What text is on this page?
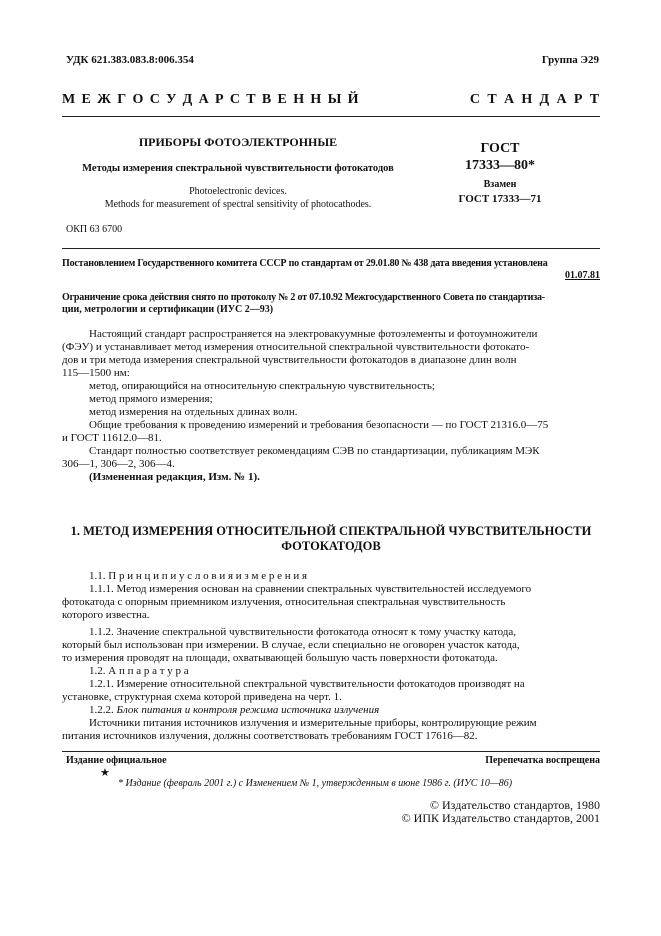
УДК 621.383.083.8:006.354	Группа Э29
М Е Ж Г О С У Д А Р С Т В Е Н Н Ы Й	С Т А Н Д А Р Т
ПРИБОРЫ ФОТОЭЛЕКТРОННЫЕ
Методы измерения спектральной чувствительности фотокатодов
Photoelectronic devices.
Methods for measurement of spectral sensitivity of photocathodes.
ОКП 63 6700
ГОСТ
17333—80*
Взамен
ГОСТ 17333—71
Постановлением Государственного комитета СССР по стандартам от 29.01.80 № 438 дата введения установлена
01.07.81
Ограничение срока действия снято по протоколу № 2 от 07.10.92 Межгосударственного Совета по стандартиза-
ции, метрологии и сертификации (ИУС 2—93)
Настоящий стандарт распространяется на электровакуумные фотоэлементы и фотоумножители
(ФЭУ) и устанавливает метод измерения относительной спектральной чувствительности фотокато-
дов и три метода измерения спектральной чувствительности фотокатодов в диапазоне длин волн
115—1500 нм:
метод, опирающийся на относительную спектральную чувствительность;
метод прямого измерения;
метод измерения на отдельных длинах волн.
Общие требования к проведению измерений и требования безопасности — по ГОСТ 21316.0—75
и ГОСТ 11612.0—81.
Стандарт полностью соответствует рекомендациям СЭВ по стандартизации, публикациям МЭК
306—1, 306—2, 306—4.
(Измененная редакция, Изм. № 1).
1. МЕТОД ИЗМЕРЕНИЯ ОТНОСИТЕЛЬНОЙ СПЕКТРАЛЬНОЙ ЧУВСТВИТЕЛЬНОСТИ
ФОТОКАТОДОВ
1.1. П р и н ц и п и у с л о в и я и з м е р е н и я
1.1.1. Метод измерения основан на сравнении спектральных чувствительностей исследуемого
фотокатода с опорным приемником излучения, относительная спектральная чувствительность
которого известна.
1.1.2. Значение спектральной чувствительности фотокатода относят к тому участку катода,
который был использован при измерении. В случае, если специально не оговорен участок катода,
то измерения проводят на площади, охватывающей большую часть поверхности фотокатода.
1.2. А п п а р а т у р а
1.2.1. Измерение относительной спектральной чувствительности фотокатодов производят на
установке, структурная схема которой приведена на черт. 1.
1.2.2. Блок питания и контроля режима источника излучения
Источники питания источников излучения и измерительные приборы, контролирующие режим
питания источников излучения, должны соответствовать требованиям ГОСТ 17616—82.
Издание официальное	Перепечатка воспрещена
★
* Издание (февраль 2001 г.) с Изменением № 1, утвержденным в июне 1986 г. (ИУС 10—86)
© Издательство стандартов, 1980
© ИПК Издательство стандартов, 2001
